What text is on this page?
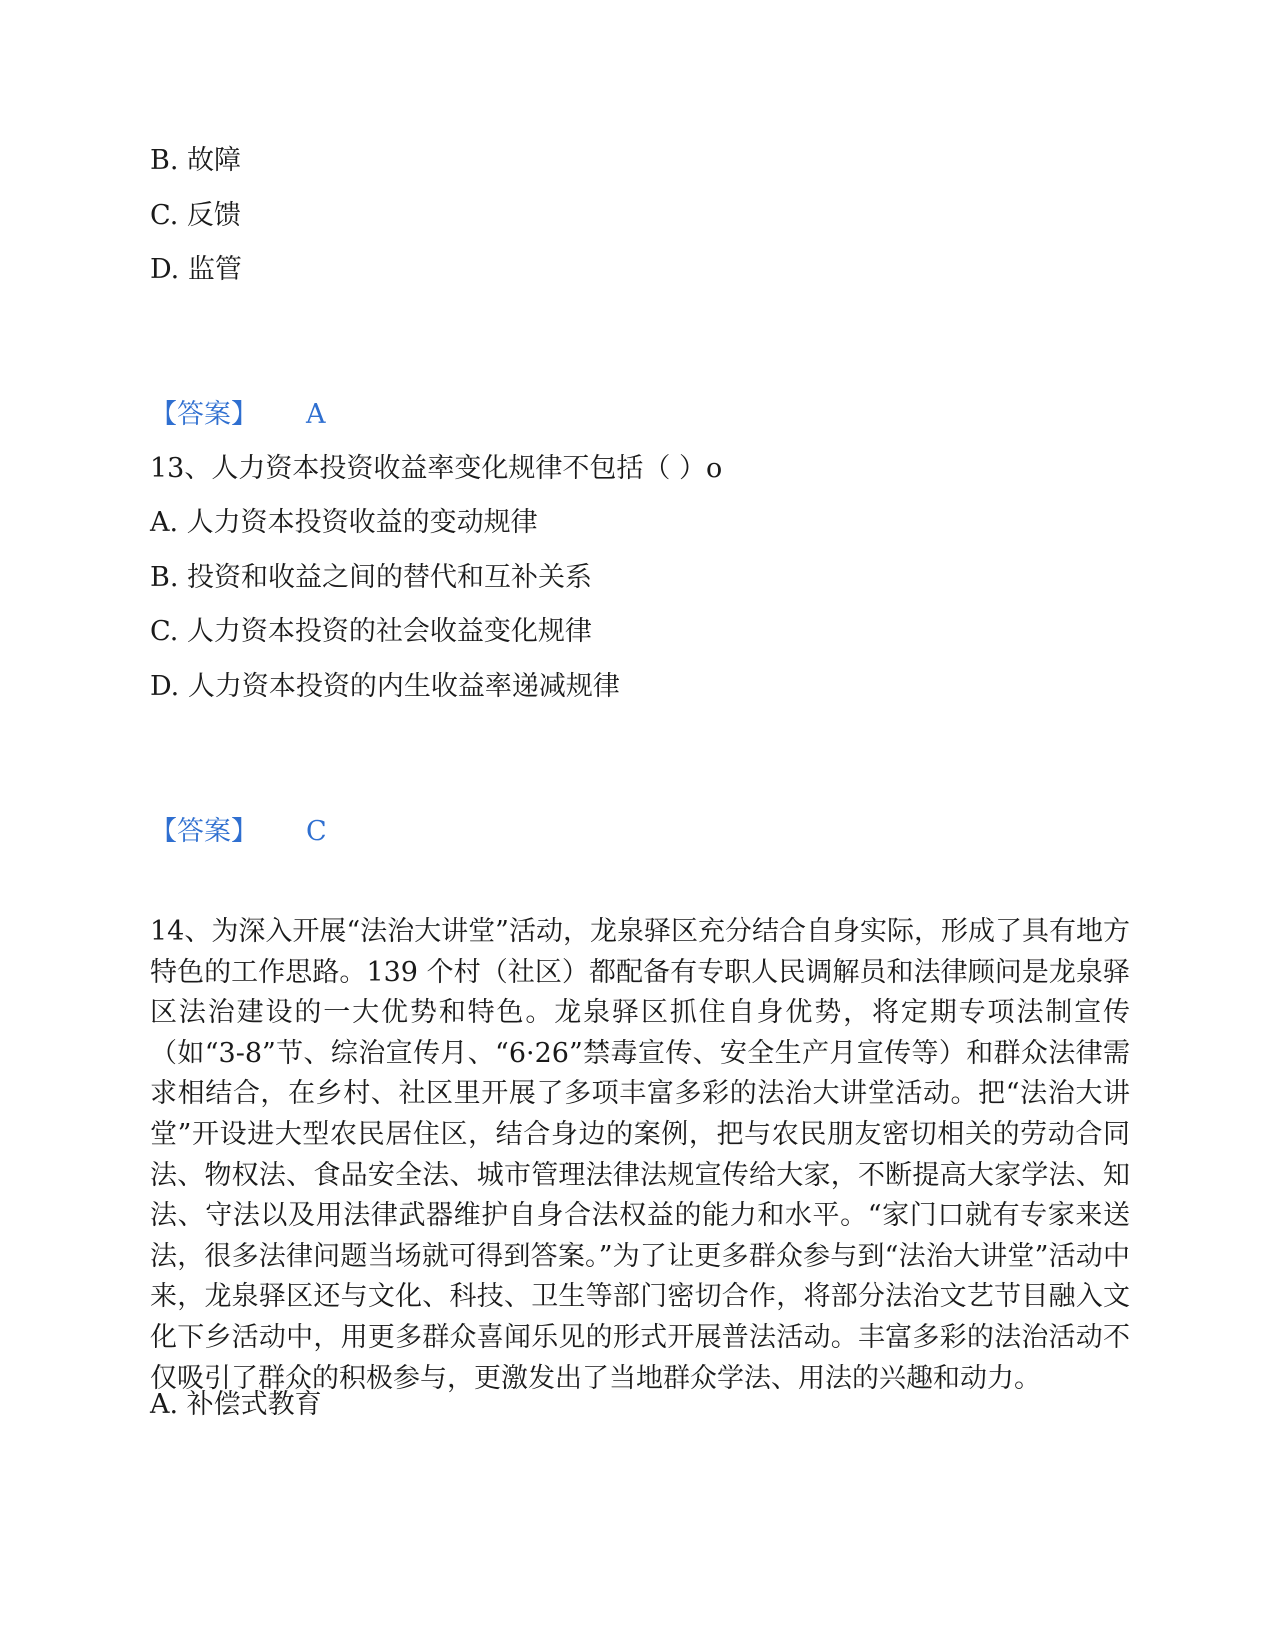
B. 故障
C. 反馈
D. 监管
【答案】 A
13、人力资本投资收益率变化规律不包括（ ）o
A. 人力资本投资收益的变动规律
B. 投资和收益之间的替代和互补关系
C. 人力资本投资的社会收益变化规律
D. 人力资本投资的内生收益率递减规律
【答案】 C
14、为深入开展“法治大讲堂”活动，龙泉驿区充分结合自身实际，形成了具有地方特色的工作思路。139 个村（社区）都配备有专职人民调解员和法律顾问是龙泉驿区法治建设的一大优势和特色。龙泉驿区抓住自身优势，将定期专项法制宣传（如“3-8”节、综治宣传月、“6·26”禁毒宣传、安全生产月宣传等）和群众法律需求相结合，在乡村、社区里开展了多项丰富多彩的法治大讲堂活动。把“法治大讲堂”开设进大型农民居住区，结合身边的案例，把与农民朋友密切相关的劳动合同法、物权法、食品安全法、城市管理法律法规宣传给大家，不断提高大家学法、知法、守法以及用法律武器维护自身合法权益的能力和水平。“家门口就有专家来送法，很多法律问题当场就可得到答案。”为了让更多群众参与到“法治大讲堂”活动中来，龙泉驿区还与文化、科技、卫生等部门密切合作，将部分法治文艺节目融入文化下乡活动中，用更多群众喜闻乐见的形式开展普法活动。丰富多彩的法治活动不仅吸引了群众的积极参与，更激发出了当地群众学法、用法的兴趣和动力。
A. 补偿式教育
